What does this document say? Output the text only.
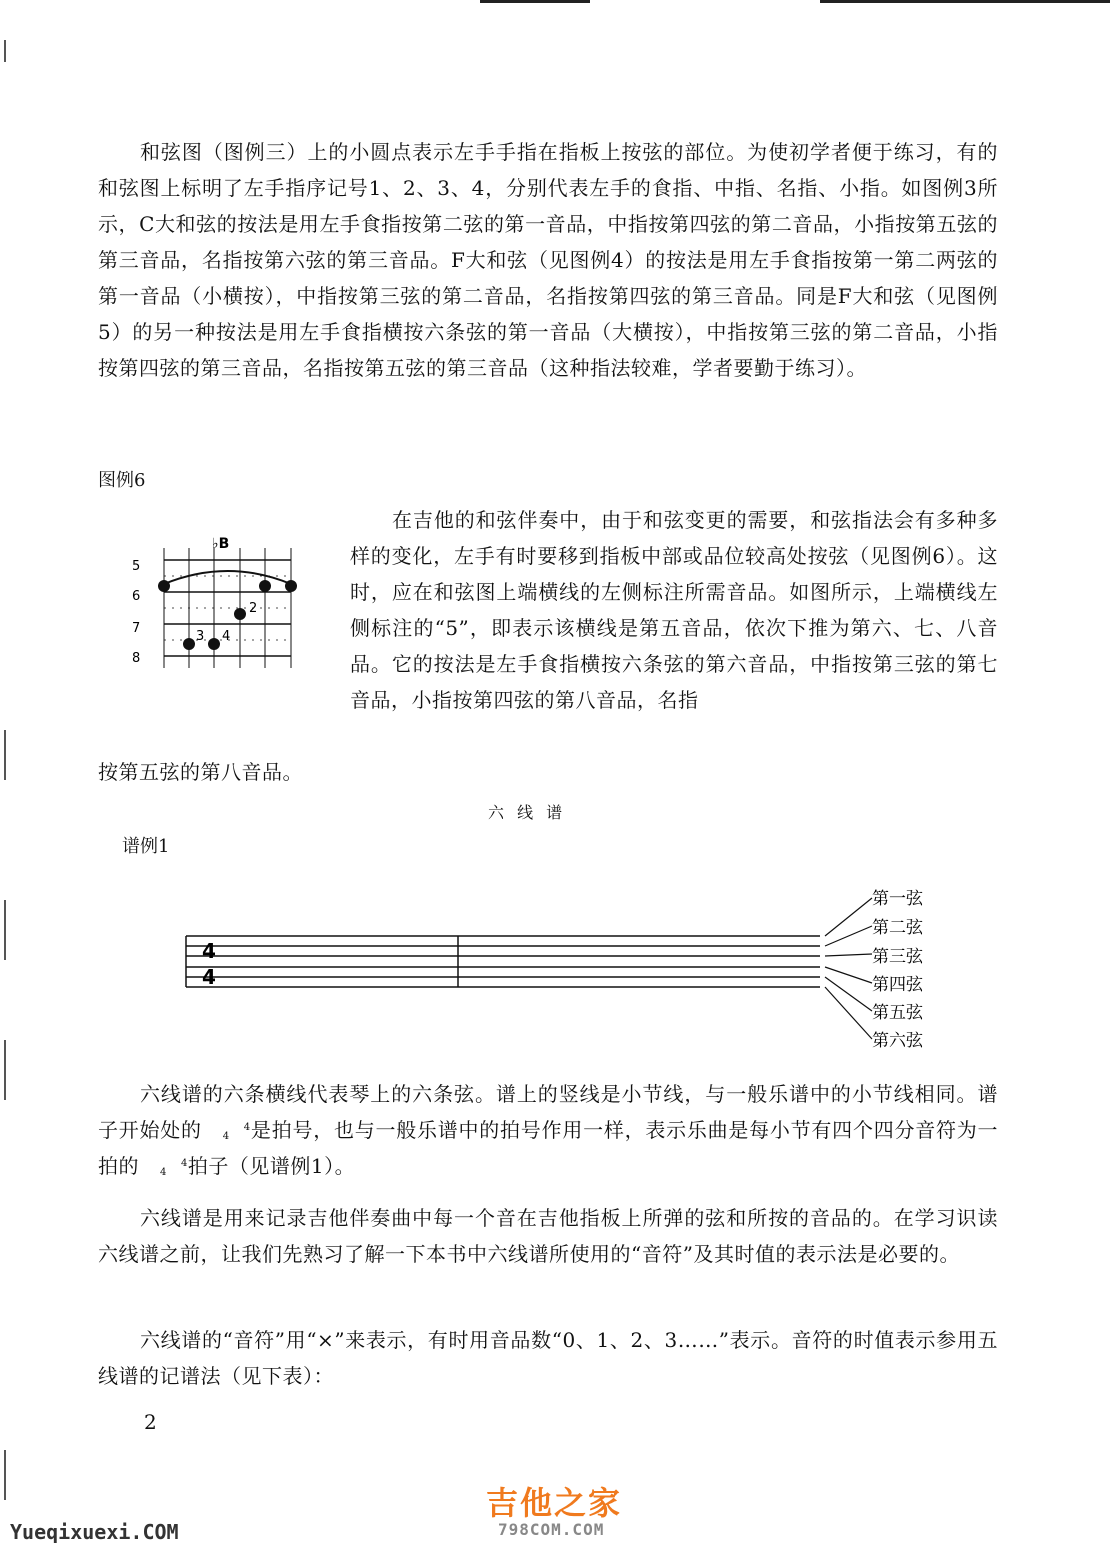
和弦图（图例三）上的小圆点表示左手手指在指板上按弦的部位。为使初学者便于练习，有的和弦图上标明了左手指序记号1、2、3、4，分别代表左手的食指、中指、名指、小指。如图例3所示，C大和弦的按法是用左手食指按第二弦的第一音品，中指按第四弦的第二音品，小指按第五弦的第三音品，名指按第六弦的第三音品。F大和弦（见图例4）的按法是用左手食指按第一第二两弦的第一音品（小横按），中指按第三弦的第二音品，名指按第四弦的第三音品。同是F大和弦（见图例5）的另一种按法是用左手食指横按六条弦的第一音品（大横按），中指按第三弦的第二音品，小指按第四弦的第三音品，名指按第五弦的第三音品（这种指法较难，学者要勤于练习）。

图例6
♭B
2
3 4
5
6
7
8

在吉他的和弦伴奏中，由于和弦变更的需要，和弦指法会有多种多样的变化，左手有时要移到指板中部或品位较高处按弦（见图例6）。这时，应在和弦图上端横线的左侧标注所需音品。如图所示，上端横线左侧标注的“5”，即表示该横线是第五音品，依次下推为第六、七、八音品。它的按法是左手食指横按六条弦的第六音品，中指按第三弦的第七音品，小指按第四弦的第八音品，名指

按第五弦的第八音品。

六 线 谱
谱例1
4
4
第一弦
第二弦
第三弦
第四弦
第五弦
第六弦

六线谱的六条横线代表琴上的六条弦。谱上的竖线是小节线，与一般乐谱中的小节线相同。谱子开始处的	4
4 是拍号，也与一般乐谱中的拍号作用一样，表示乐曲是每小节有四个四分音符为一拍的	4
4 拍子（见谱例1）。

六线谱是用来记录吉他伴奏曲中每一个音在吉他指板上所弹的弦和所按的音品的。在学习识读六线谱之前，让我们先熟习了解一下本书中六线谱所使用的“音符”及其时值的表示法是必要的。

六线谱的“音符”用“×”来表示，有时用音品数“0、1、2、3……”表示。音符的时值表示参用五线谱的记谱法（见下表）：

2
Yueqixuexi.COM
吉他之家
798COM.COM
